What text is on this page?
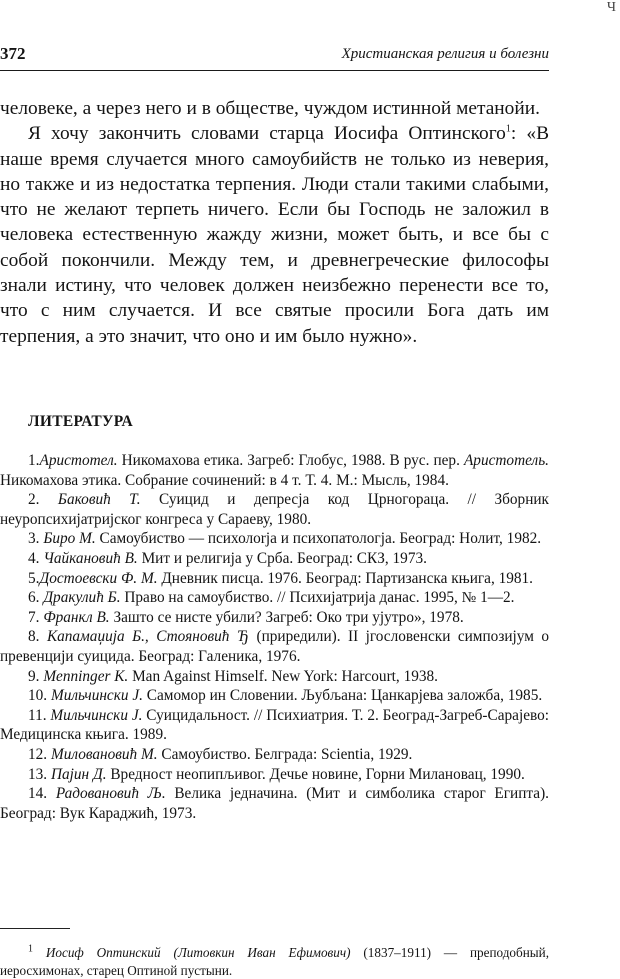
Ч
372	Христианская религия и болезни

человеке, а через него и в обществе, чуждом истинной метанойи.

Я хочу закончить словами старца Иосифа Оптинского$^1$: «В наше время случается много самоубийств не только из неверия, но также и из недостатка терпения. Люди стали такими слабыми, что не желают терпеть ничего. Если бы Господь не заложил в человека естественную жажду жизни, может быть, и все бы с собой покончили. Между тем, и древнегреческие философы знали истину, что человек должен неизбежно перенести все то, что с ним случается. И все святые просили Бога дать им терпения, а это значит, что оно и им было нужно».

ЛИТЕРАТУРА

1.Аристотел. Никомахова етика. Загреб: Глобус, 1988. В рус. пер. Аристотель. Никомахова этика. Собрание сочинений: в 4 т. Т. 4. М.: Мысль, 1984.

2. Баковић Т. Суицид и депресја код Црногораца. // Зборник неуропсихијатријског конгреса у Сараеву, 1980.

3. Биро М. Самоубиство — психолоrја и психопатологја. Београд: Нолит, 1982.

4. Чайкановић В. Мит и религија у Срба. Београд: СКЗ, 1973.

5.Достоевски Ф. М. Дневник писца. 1976. Београд: Партизанска књига, 1981.

6. Дракулић Б. Право на самоубиство. // Психијатрија данас. 1995, № 1—2.

7. Франкл В. Зашто се нисте убили? Загреб: Око три ујутро», 1978.

8. Капамаџија Б., Стояновић Ђ (приредили). II јгословенски симпозијум о превенцији суицида. Београд: Галеника, 1976.

9. Menninger К. Man Against Himself. New York: Harcourt, 1938.

10. Мильчински J. Самомор ин Словении. Љубљана: Цанкарјева заложба, 1985.

11. Мильчински J. Суицидальност. // Психиатрия. Т. 2. Београд-Загреб-Сарајево: Медицинска књига. 1989.

12. Миловановић М. Самоубиство. Белграда: Scientia, 1929.

13. Пајин Д. Вредност неопипљивог. Дечье новине, Горни Милановац, 1990.

14. Радовановић Љ. Велика једначина. (Мит и симболика старог Египта). Београд: Вук Караджић, 1973.

$^1$ Иосиф Оптинский (Литовкин Иван Ефимович) (1837–1911) — преподобный, иеросхимонах, старец Оптиной пустыни.
